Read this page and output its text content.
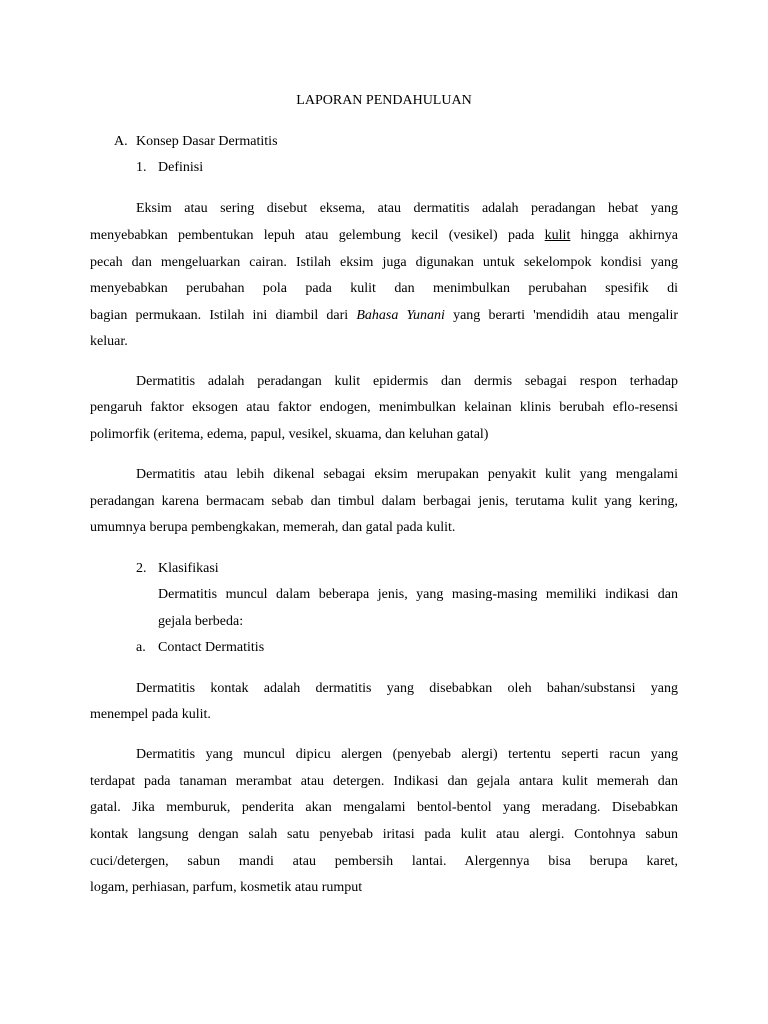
LAPORAN PENDAHULUAN
A. Konsep Dasar Dermatitis
1. Definisi
Eksim atau sering disebut eksema, atau dermatitis adalah peradangan hebat yang
menyebabkan pembentukan lepuh atau gelembung kecil (vesikel) pada kulit hingga akhirnya
pecah dan mengeluarkan cairan. Istilah eksim juga digunakan untuk sekelompok kondisi yang
menyebabkan perubahan pola pada kulit dan menimbulkan perubahan spesifik di
bagian permukaan. Istilah ini diambil dari Bahasa Yunani yang berarti 'mendidih atau mengalir
keluar.
Dermatitis adalah peradangan kulit epidermis dan dermis sebagai respon terhadap
pengaruh faktor eksogen atau faktor endogen, menimbulkan kelainan klinis berubah eflo-resensi
polimorfik (eritema, edema, papul, vesikel, skuama, dan keluhan gatal)
Dermatitis atau lebih dikenal sebagai eksim merupakan penyakit kulit yang mengalami
peradangan karena bermacam sebab dan timbul dalam berbagai jenis, terutama kulit yang kering,
umumnya berupa pembengkakan, memerah, dan gatal pada kulit.
2. Klasifikasi
Dermatitis muncul dalam beberapa jenis, yang masing-masing memiliki indikasi dan
gejala berbeda:
a. Contact Dermatitis
Dermatitis kontak adalah dermatitis yang disebabkan oleh bahan/substansi yang
menempel pada kulit.
Dermatitis yang muncul dipicu alergen (penyebab alergi) tertentu seperti racun yang
terdapat pada tanaman merambat atau detergen. Indikasi dan gejala antara kulit memerah dan
gatal. Jika memburuk, penderita akan mengalami bentol-bentol yang meradang. Disebabkan
kontak langsung dengan salah satu penyebab iritasi pada kulit atau alergi. Contohnya sabun
cuci/detergen, sabun mandi atau pembersih lantai. Alergennya bisa berupa karet,
logam, perhiasan, parfum, kosmetik atau rumput
